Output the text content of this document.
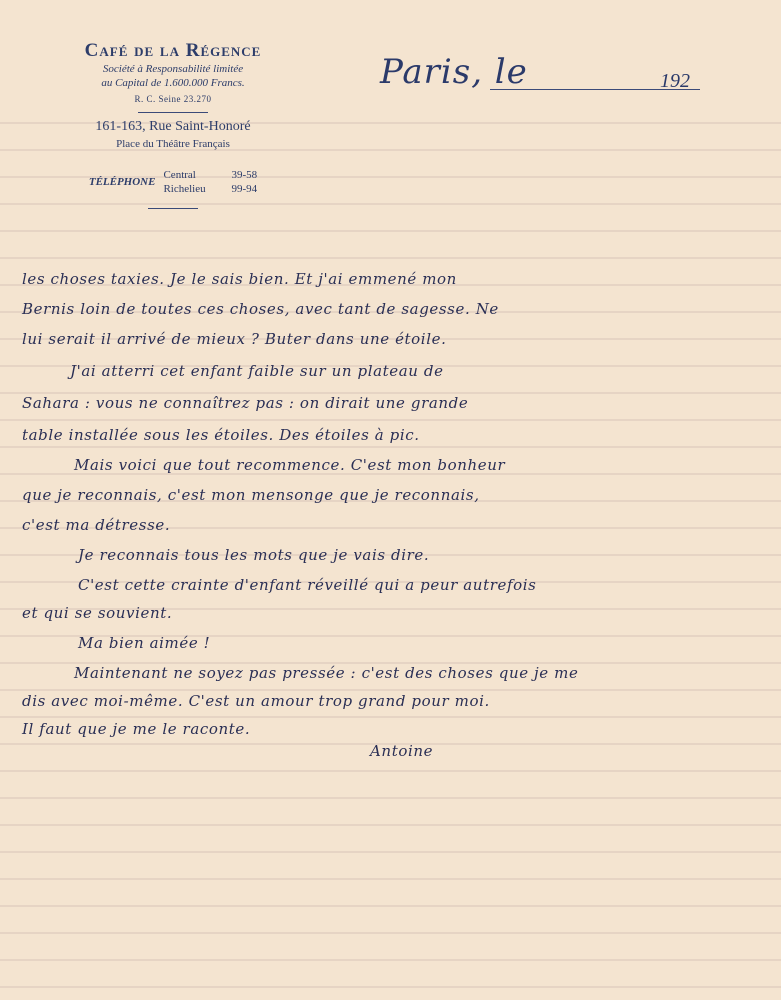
Café de la Régence
Société à Responsabilité limitée
au Capital de 1.600.000 Francs.
R. C. Seine 23.270
161-163, Rue Saint-Honoré
Place du Théâtre Français
TÉLÉPHONE
Central	39-58
Richelieu	99-94
Paris, le	192
les choses taxies. Je le sais bien. Et j'ai emmené mon
Bernis loin de toutes ces choses, avec tant de sagesse. Ne
lui serait il arrivé de mieux ? Buter dans une étoile.
J'ai atterri cet enfant faible sur un plateau de
Sahara : vous ne connaîtrez pas : on dirait une grande
table installée sous les étoiles. Des étoiles à pic.
Mais voici que tout recommence. C'est mon bonheur
que je reconnais, c'est mon mensonge que je reconnais,
c'est ma détresse.
Je reconnais tous les mots que je vais dire.
C'est cette crainte d'enfant réveillé qui a peur autrefois
et qui se souvient.
Ma bien aimée !
Maintenant ne soyez pas pressée : c'est des choses que je me
dis avec moi-même. C'est un amour trop grand pour moi.
Il faut que je me le raconte.
Antoine
